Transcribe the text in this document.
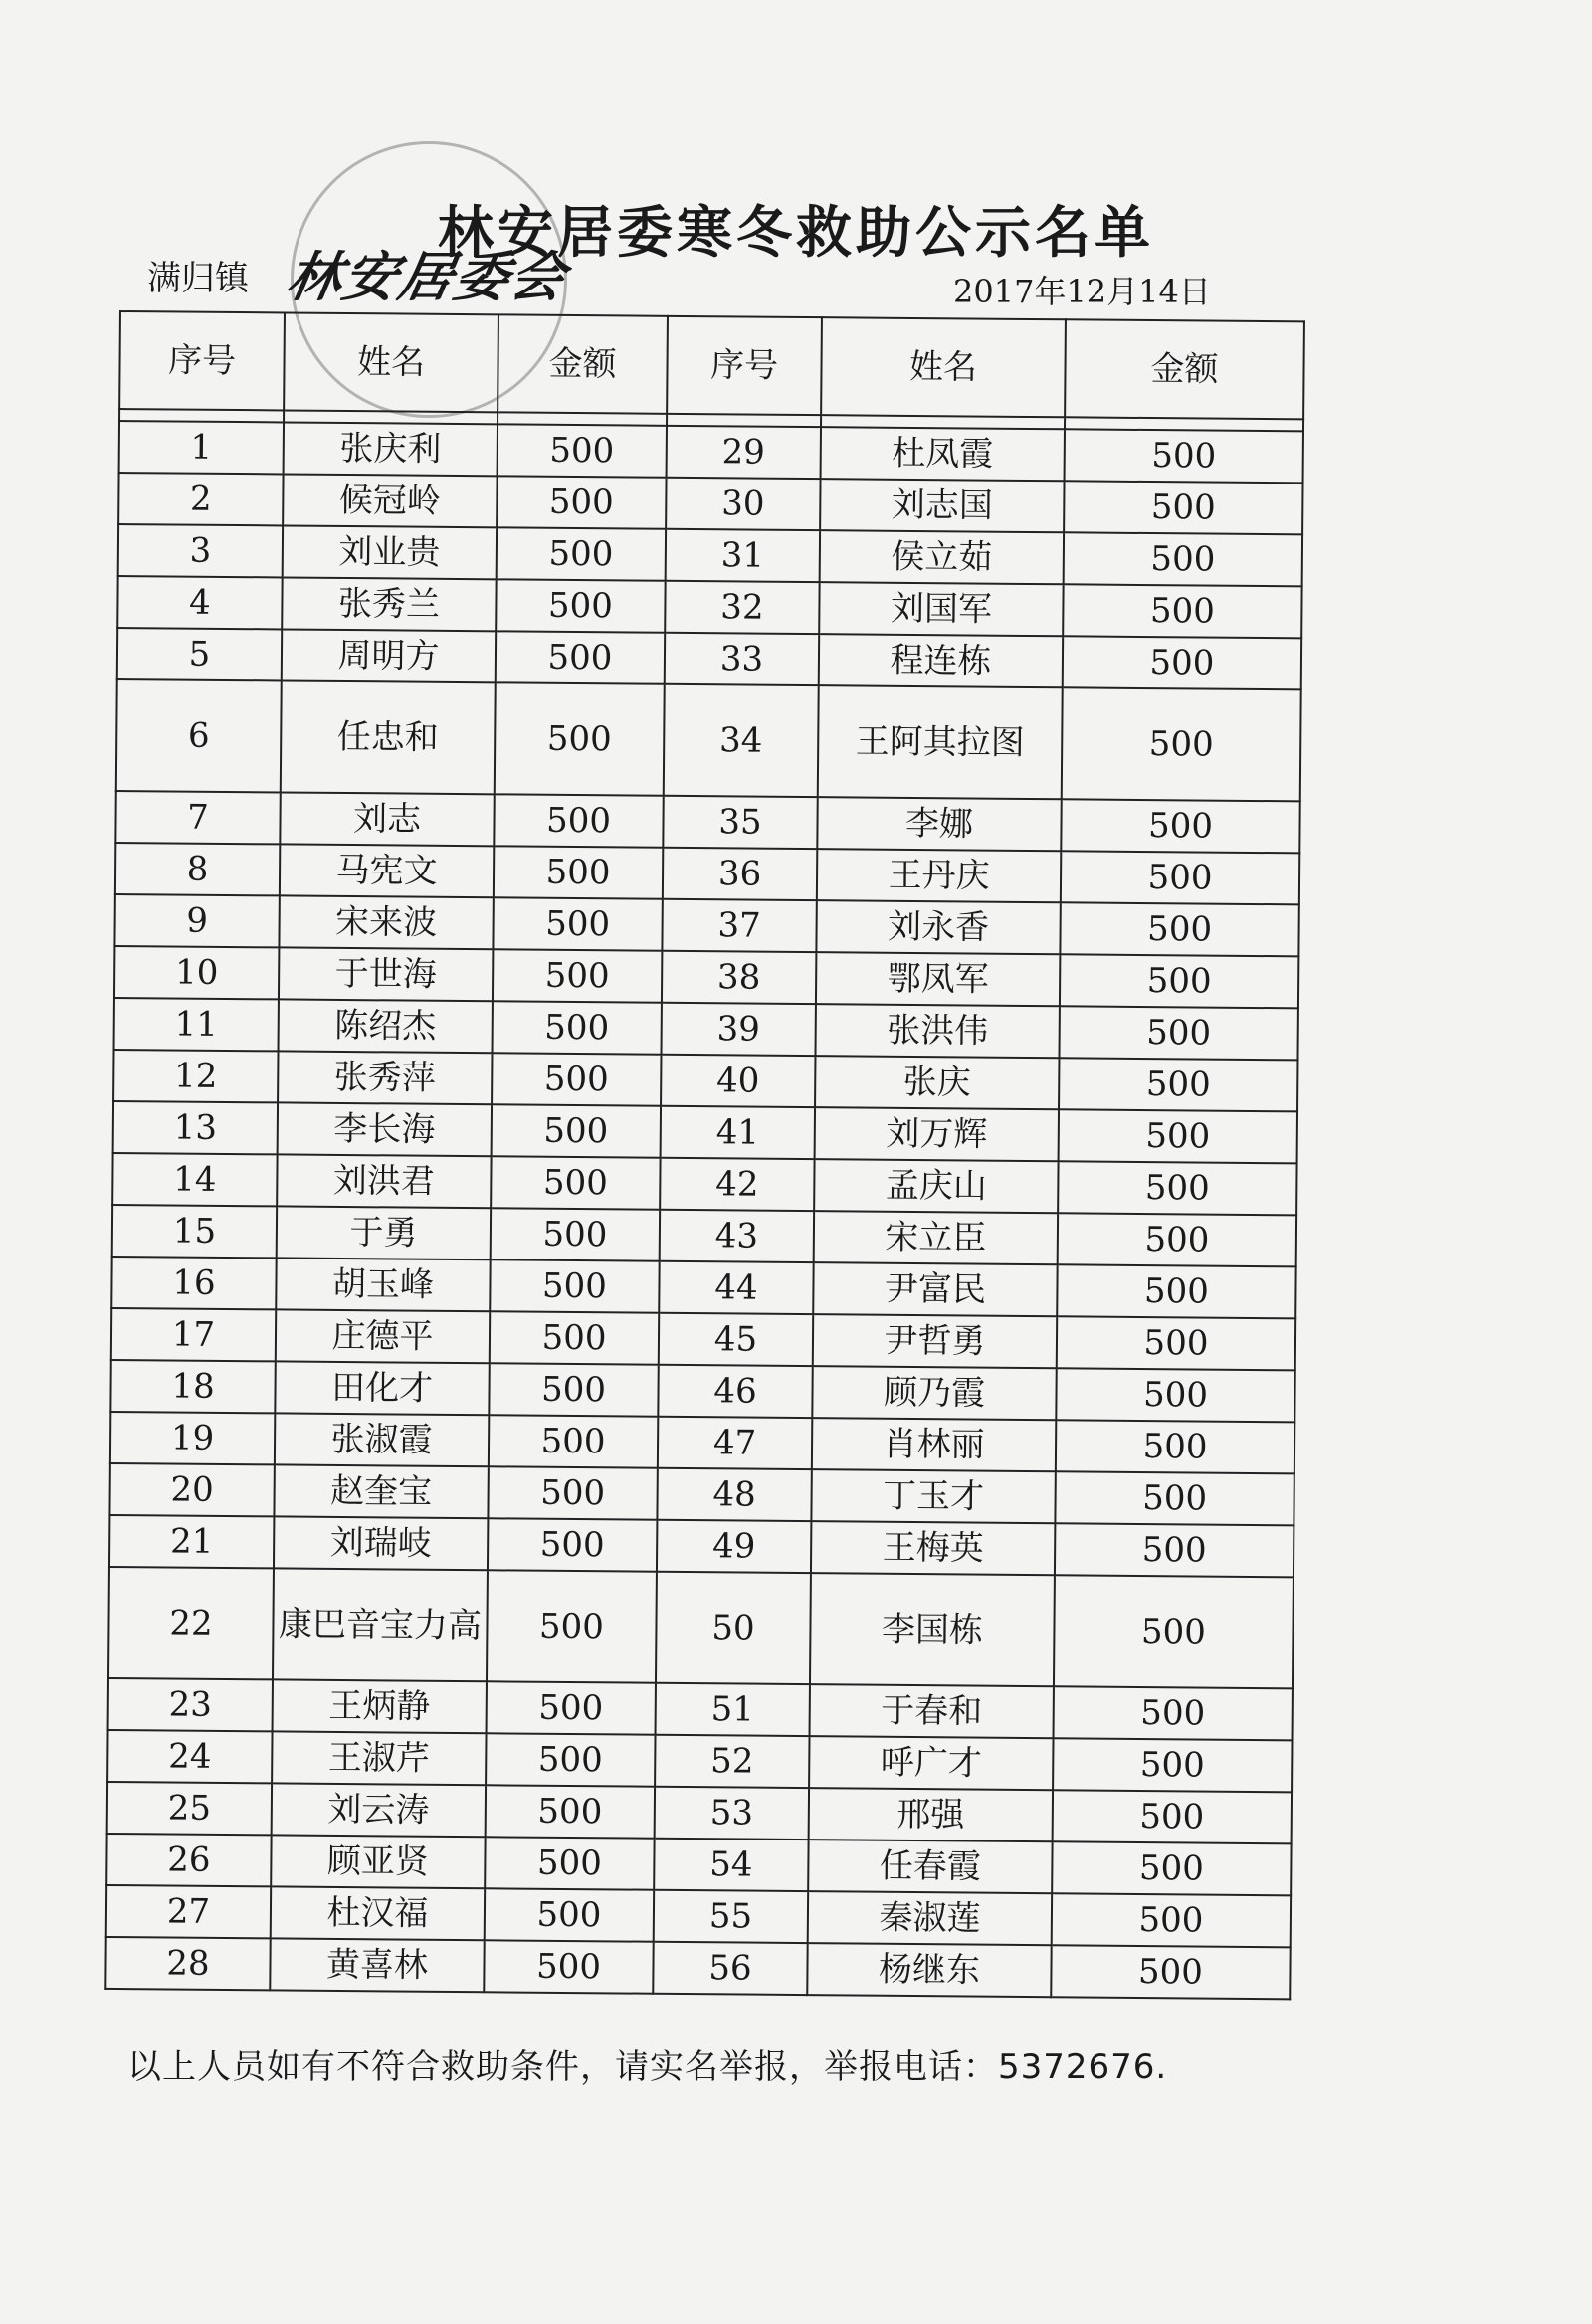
林安居委寒冬救助公示名单
满归镇 林安居委会	2017年12月14日
序号	姓名	金额	序号	姓名	金额

1	张庆利	500	29	杜凤霞	500
2	候冠岭	500	30	刘志国	500
3	刘业贵	500	31	侯立茹	500
4	张秀兰	500	32	刘国军	500
5	周明方	500	33	程连栋	500
6	任忠和	500	34	王阿其拉图	500
7	刘志	500	35	李娜	500
8	马宪文	500	36	王丹庆	500
9	宋来波	500	37	刘永香	500
10	于世海	500	38	鄂凤军	500
11	陈绍杰	500	39	张洪伟	500
12	张秀萍	500	40	张庆	500
13	李长海	500	41	刘万辉	500
14	刘洪君	500	42	孟庆山	500
15	于勇	500	43	宋立臣	500
16	胡玉峰	500	44	尹富民	500
17	庄德平	500	45	尹哲勇	500
18	田化才	500	46	顾乃霞	500
19	张淑霞	500	47	肖林丽	500
20	赵奎宝	500	48	丁玉才	500
21	刘瑞岐	500	49	王梅英	500
22	康巴音宝力高	500	50	李国栋	500
23	王炳静	500	51	于春和	500
24	王淑芹	500	52	呼广才	500
25	刘云涛	500	53	邢强	500
26	顾亚贤	500	54	任春霞	500
27	杜汉福	500	55	秦淑莲	500
28	黄喜林	500	56	杨继东	500
以上人员如有不符合救助条件，请实名举报，举报电话：5372676.
